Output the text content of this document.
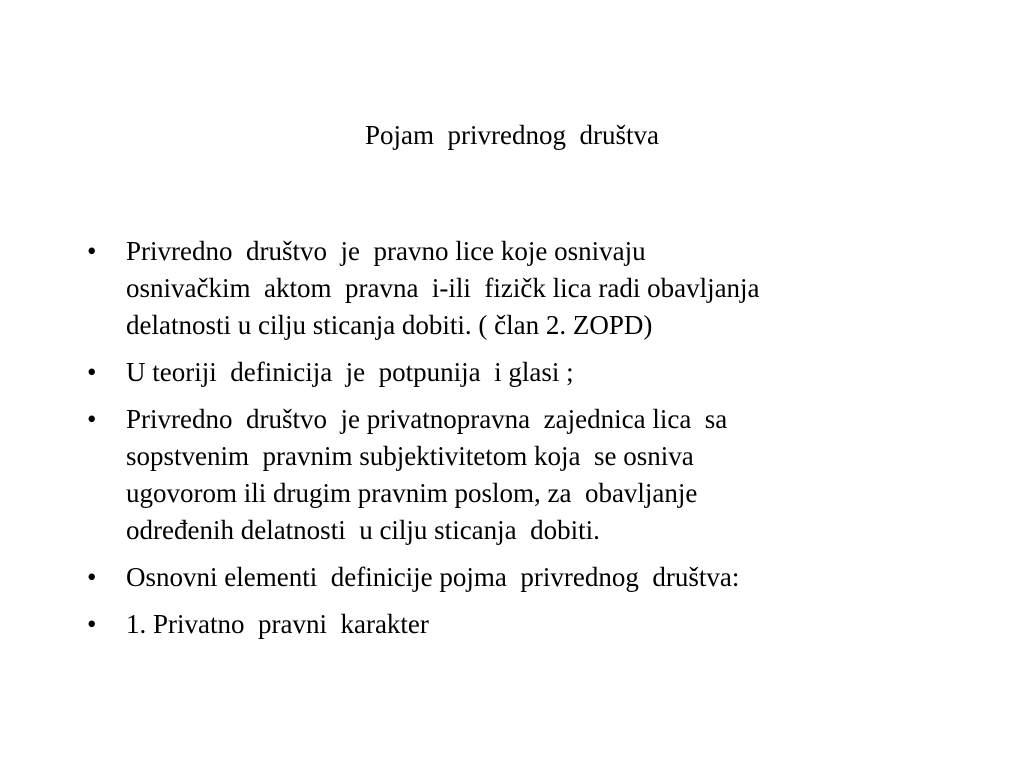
Pojam  privrednog  društva
•	Privredno  društvo  je  pravno lice koje osnivaju
osnivačkim  aktom  pravna  i-ili  fizičk lica radi obavljanja
delatnosti u cilju sticanja dobiti. ( član 2. ZOPD)
•	U teoriji  definicija  je  potpunija  i glasi ;
•	Privredno  društvo  je privatnopravna  zajednica lica  sa
sopstvenim  pravnim subjektivitetom koja  se osniva
ugovorom ili drugim pravnim poslom, za  obavljanje
određenih delatnosti  u cilju sticanja  dobiti.
•	Osnovni elementi  definicije pojma  privrednog  društva:
•	1. Privatno  pravni  karakter
